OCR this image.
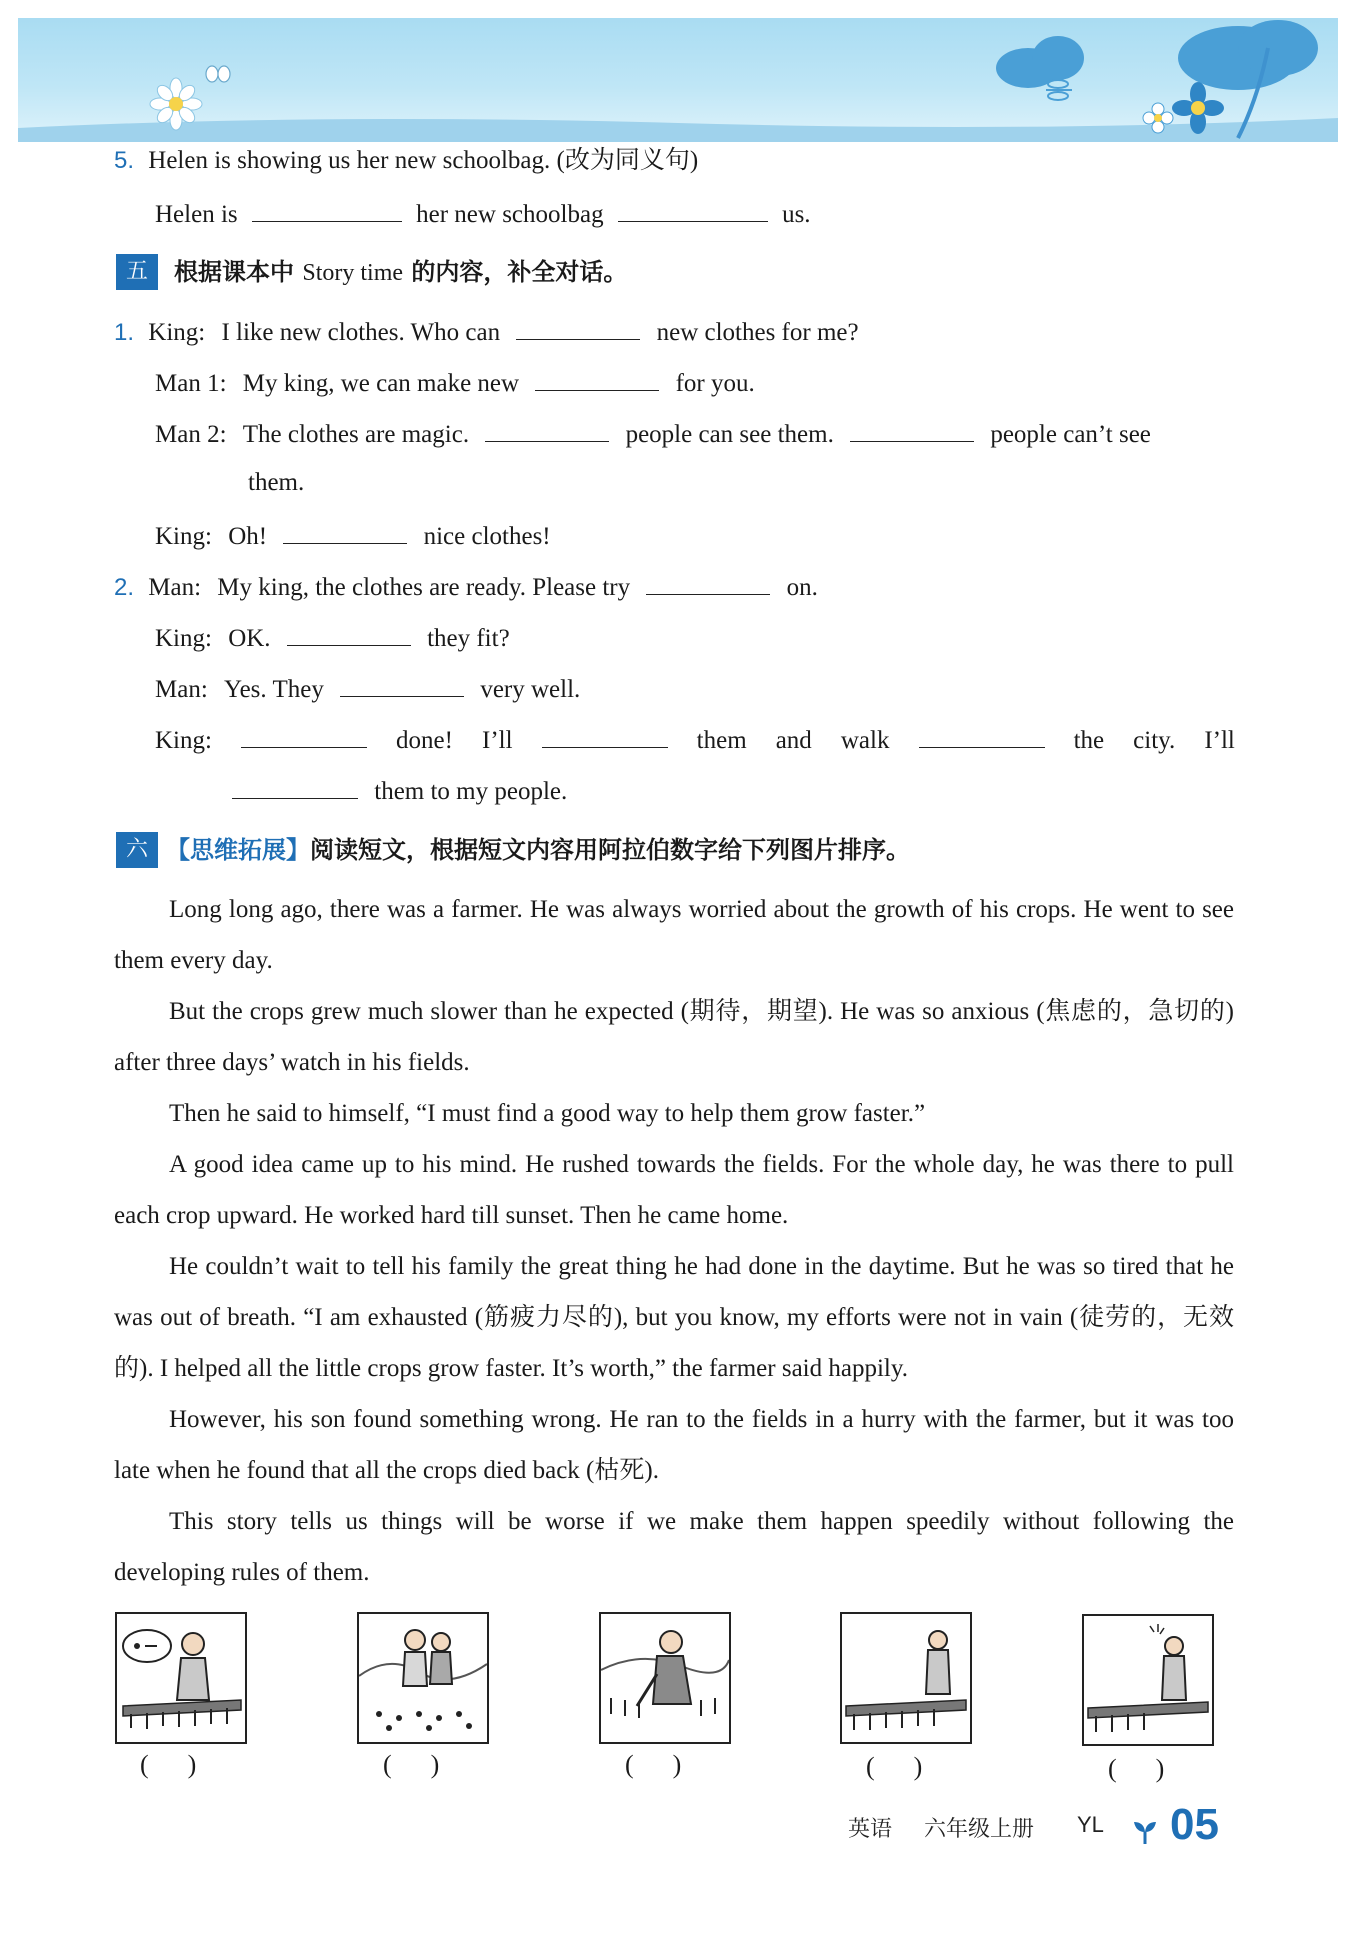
5. Helen is showing us her new schoolbag. (改为同义句)
Helen is	her new schoolbag	us.
五	根据课本中 Story time 的内容，补全对话。
1. King: I like new clothes. Who can	new clothes for me?
Man 1: My king, we can make new	for you.
Man 2: The clothes are magic.	people can see them.	people can’t see
them.
King: Oh!	nice clothes!
2. Man: My king, the clothes are ready. Please try	on.
King: OK.	they fit?
Man: Yes. They	very well.
King:	done! I’ll	them and walk	the city. I’ll
them to my people.
六 【思维拓展】阅读短文，根据短文内容用阿拉伯数字给下列图片排序。
Long long ago, there was a farmer. He was always worried about the growth of his crops. He went to see them every day.
But the crops grew much slower than he expected (期待，期望). He was so anxious (焦虑的，急切的) after three days’ watch in his fields.
Then he said to himself, “I must find a good way to help them grow faster.”
A good idea came up to his mind. He rushed towards the fields. For the whole day, he was there to pull each crop upward. He worked hard till sunset. Then he came home.
He couldn’t wait to tell his family the great thing he had done in the daytime. But he was so tired that he was out of breath. “I am exhausted (筋疲力尽的), but you know, my efforts were not in vain (徒劳的，无效的). I helped all the little crops grow faster. It’s worth,” the farmer said happily.
However, his son found something wrong. He ran to the fields in a hurry with the farmer, but it was too late when he found that all the crops died back (枯死).
This story tells us things will be worse if we make them happen speedily without following the developing rules of them.
(      )	(      )	(      )	(      )	(      )
英语 六年级上册 YL 05
